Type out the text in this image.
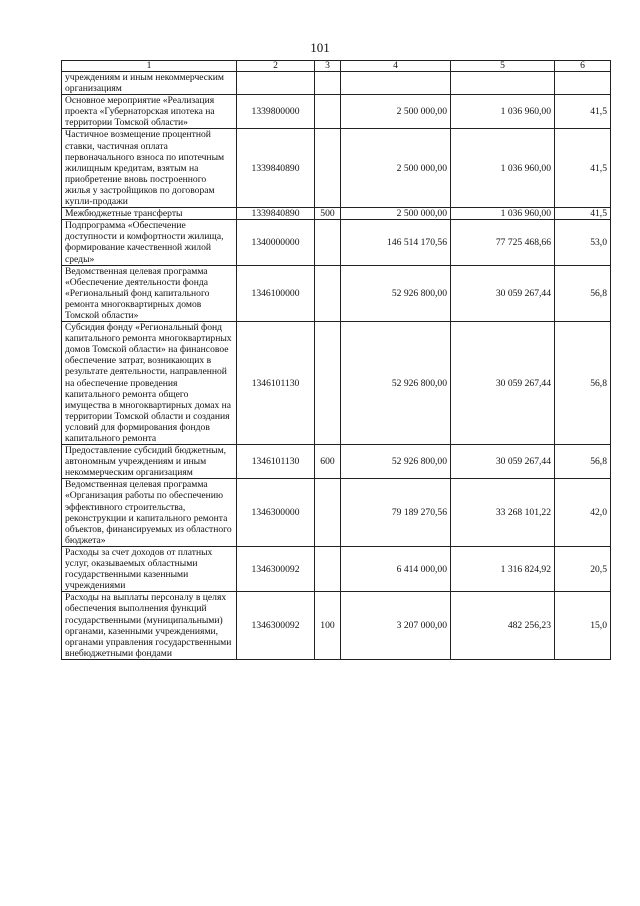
101
1	2	3	4	5	6
учреждениям и иным некоммерческим организациям					
Основное мероприятие «Реализация проекта «Губернаторская ипотека на территории Томской области»	1339800000		2 500 000,00	1 036 960,00	41,5
Частичное возмещение процентной ставки, частичная оплата первоначального взноса по ипотечным жилищным кредитам, взятым на приобретение вновь построенного жилья у застройщиков по договорам купли-продажи	1339840890		2 500 000,00	1 036 960,00	41,5
Межбюджетные трансферты	1339840890	500	2 500 000,00	1 036 960,00	41,5
Подпрограмма «Обеспечение доступности и комфортности жилища, формирование качественной жилой среды»	1340000000		146 514 170,56	77 725 468,66	53,0
Ведомственная целевая программа «Обеспечение деятельности фонда «Региональный фонд капитального ремонта многоквартирных домов Томской области»	1346100000		52 926 800,00	30 059 267,44	56,8
Субсидия фонду «Региональный фонд капитального ремонта многоквартирных домов Томской области» на финансовое обеспечение затрат, возникающих в результате деятельности, направленной на обеспечение проведения капитального ремонта общего имущества в многоквартирных домах на территории Томской области и создания условий для формирования фондов капитального ремонта	1346101130		52 926 800,00	30 059 267,44	56,8
Предоставление субсидий бюджетным, автономным учреждениям и иным некоммерческим организациям	1346101130	600	52 926 800,00	30 059 267,44	56,8
Ведомственная целевая программа «Организация работы по обеспечению эффективного строительства, реконструкции и капитального ремонта объектов, финансируемых из областного бюджета»	1346300000		79 189 270,56	33 268 101,22	42,0
Расходы за счет доходов от платных услуг, оказываемых областными государственными казенными учреждениями	1346300092		6 414 000,00	1 316 824,92	20,5
Расходы на выплаты персоналу в целях обеспечения выполнения функций государственными (муниципальными) органами, казенными учреждениями, органами управления государственными внебюджетными фондами	1346300092	100	3 207 000,00	482 256,23	15,0
